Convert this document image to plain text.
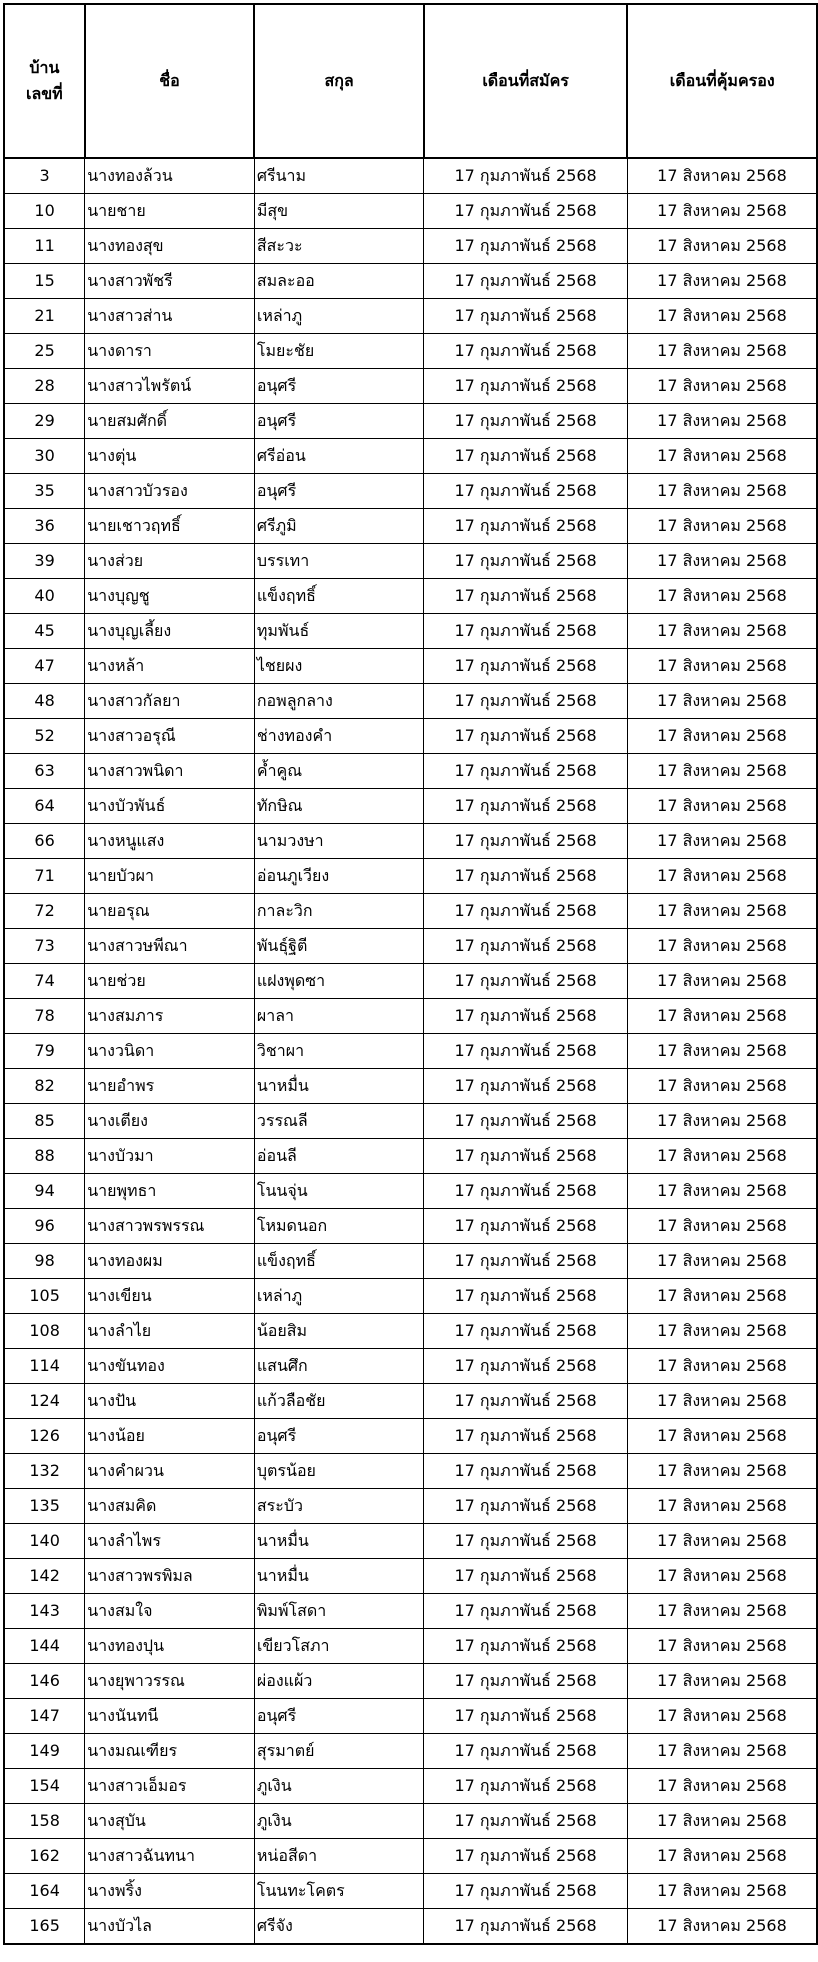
บ้าน
เลขที่	ชื่อ	สกุล	เดือนที่สมัคร	เดือนที่คุ้มครอง
3	นางทองล้วน	ศรีนาม	17 กุมภาพันธ์ 2568	17 สิงหาคม 2568
10	นายชาย	มีสุข	17 กุมภาพันธ์ 2568	17 สิงหาคม 2568
11	นางทองสุข	สีสะวะ	17 กุมภาพันธ์ 2568	17 สิงหาคม 2568
15	นางสาวพัชรี	สมละออ	17 กุมภาพันธ์ 2568	17 สิงหาคม 2568
21	นางสาวส่าน	เหล่าภู	17 กุมภาพันธ์ 2568	17 สิงหาคม 2568
25	นางดารา	โมยะชัย	17 กุมภาพันธ์ 2568	17 สิงหาคม 2568
28	นางสาวไพรัตน์	อนุศรี	17 กุมภาพันธ์ 2568	17 สิงหาคม 2568
29	นายสมศักดิ์	อนุศรี	17 กุมภาพันธ์ 2568	17 สิงหาคม 2568
30	นางตุ่น	ศรีอ่อน	17 กุมภาพันธ์ 2568	17 สิงหาคม 2568
35	นางสาวบัวรอง	อนุศรี	17 กุมภาพันธ์ 2568	17 สิงหาคม 2568
36	นายเชาวฤทธิ์	ศรีภูมิ	17 กุมภาพันธ์ 2568	17 สิงหาคม 2568
39	นางส่วย	บรรเทา	17 กุมภาพันธ์ 2568	17 สิงหาคม 2568
40	นางบุญชู	แข็งฤทธิ์	17 กุมภาพันธ์ 2568	17 สิงหาคม 2568
45	นางบุญเลี้ยง	ทุมพันธ์	17 กุมภาพันธ์ 2568	17 สิงหาคม 2568
47	นางหล้า	ไชยผง	17 กุมภาพันธ์ 2568	17 สิงหาคม 2568
48	นางสาวกัลยา	กอพลูกลาง	17 กุมภาพันธ์ 2568	17 สิงหาคม 2568
52	นางสาวอรุณี	ช่างทองคำ	17 กุมภาพันธ์ 2568	17 สิงหาคม 2568
63	นางสาวพนิดา	ค้ำคูณ	17 กุมภาพันธ์ 2568	17 สิงหาคม 2568
64	นางบัวพันธ์	ทักษิณ	17 กุมภาพันธ์ 2568	17 สิงหาคม 2568
66	นางหนูแสง	นามวงษา	17 กุมภาพันธ์ 2568	17 สิงหาคม 2568
71	นายบัวผา	อ่อนภูเวียง	17 กุมภาพันธ์ 2568	17 สิงหาคม 2568
72	นายอรุณ	กาละวิก	17 กุมภาพันธ์ 2568	17 สิงหาคม 2568
73	นางสาวษพีณา	พันธุ์ฐิตี	17 กุมภาพันธ์ 2568	17 สิงหาคม 2568
74	นายช่วย	แฝงพุดซา	17 กุมภาพันธ์ 2568	17 สิงหาคม 2568
78	นางสมภาร	ผาลา	17 กุมภาพันธ์ 2568	17 สิงหาคม 2568
79	นางวนิดา	วิชาผา	17 กุมภาพันธ์ 2568	17 สิงหาคม 2568
82	นายอำพร	นาหมื่น	17 กุมภาพันธ์ 2568	17 สิงหาคม 2568
85	นางเตียง	วรรณลี	17 กุมภาพันธ์ 2568	17 สิงหาคม 2568
88	นางบัวมา	อ่อนลี	17 กุมภาพันธ์ 2568	17 สิงหาคม 2568
94	นายพุทธา	โนนจุ่น	17 กุมภาพันธ์ 2568	17 สิงหาคม 2568
96	นางสาวพรพรรณ	โหมดนอก	17 กุมภาพันธ์ 2568	17 สิงหาคม 2568
98	นางทองผม	แข็งฤทธิ์	17 กุมภาพันธ์ 2568	17 สิงหาคม 2568
105	นางเขียน	เหล่าภู	17 กุมภาพันธ์ 2568	17 สิงหาคม 2568
108	นางลำไย	น้อยสิม	17 กุมภาพันธ์ 2568	17 สิงหาคม 2568
114	นางขันทอง	แสนศึก	17 กุมภาพันธ์ 2568	17 สิงหาคม 2568
124	นางปัน	แก้วลือชัย	17 กุมภาพันธ์ 2568	17 สิงหาคม 2568
126	นางน้อย	อนุศรี	17 กุมภาพันธ์ 2568	17 สิงหาคม 2568
132	นางคำผวน	บุตรน้อย	17 กุมภาพันธ์ 2568	17 สิงหาคม 2568
135	นางสมคิด	สระบัว	17 กุมภาพันธ์ 2568	17 สิงหาคม 2568
140	นางลำไพร	นาหมื่น	17 กุมภาพันธ์ 2568	17 สิงหาคม 2568
142	นางสาวพรพิมล	นาหมื่น	17 กุมภาพันธ์ 2568	17 สิงหาคม 2568
143	นางสมใจ	พิมพ์โสดา	17 กุมภาพันธ์ 2568	17 สิงหาคม 2568
144	นางทองปุน	เขียวโสภา	17 กุมภาพันธ์ 2568	17 สิงหาคม 2568
146	นางยุพาวรรณ	ผ่องแผ้ว	17 กุมภาพันธ์ 2568	17 สิงหาคม 2568
147	นางนันทนี	อนุศรี	17 กุมภาพันธ์ 2568	17 สิงหาคม 2568
149	นางมณเฑียร	สุรมาตย์	17 กุมภาพันธ์ 2568	17 สิงหาคม 2568
154	นางสาวเอ็มอร	ภูเงิน	17 กุมภาพันธ์ 2568	17 สิงหาคม 2568
158	นางสุบัน	ภูเงิน	17 กุมภาพันธ์ 2568	17 สิงหาคม 2568
162	นางสาวฉันทนา	หน่อสีดา	17 กุมภาพันธ์ 2568	17 สิงหาคม 2568
164	นางพริ้ง	โนนทะโคตร	17 กุมภาพันธ์ 2568	17 สิงหาคม 2568
165	นางบัวไล	ศรีจัง	17 กุมภาพันธ์ 2568	17 สิงหาคม 2568
